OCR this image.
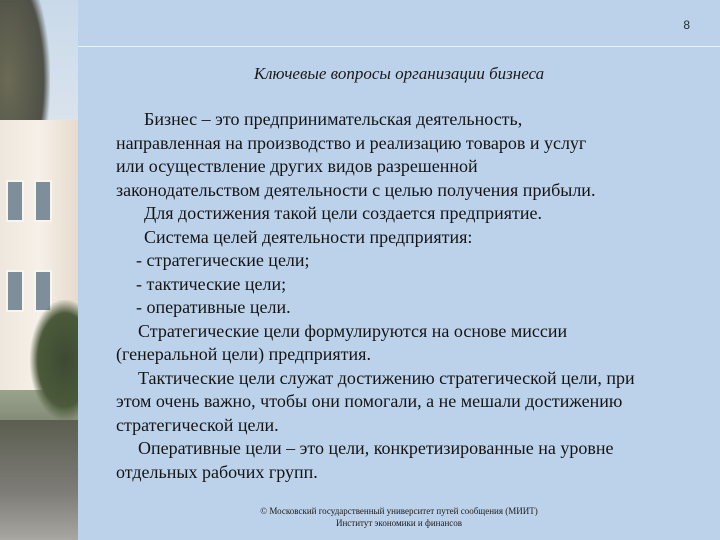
8
Ключевые вопросы организации бизнеса

Бизнес – это предпринимательская деятельность,

направленная на производство и реализацию товаров и услуг

или осуществление других видов разрешенной

законодательством деятельности с целью получения прибыли.

Для достижения такой цели создается предприятие.

Система целей деятельности предприятия:

- стратегические цели;

- тактические цели;

- оперативные цели.

Стратегические цели формулируются на основе миссии

(генеральной цели) предприятия.

Тактические цели служат достижению стратегической цели, при

этом очень важно, чтобы они помогали, а не мешали достижению

стратегической цели.

Оперативные цели – это цели, конкретизированные на уровне

отдельных рабочих групп.

© Московский государственный университет путей сообщения (МИИТ)
Институт экономики и финансов
